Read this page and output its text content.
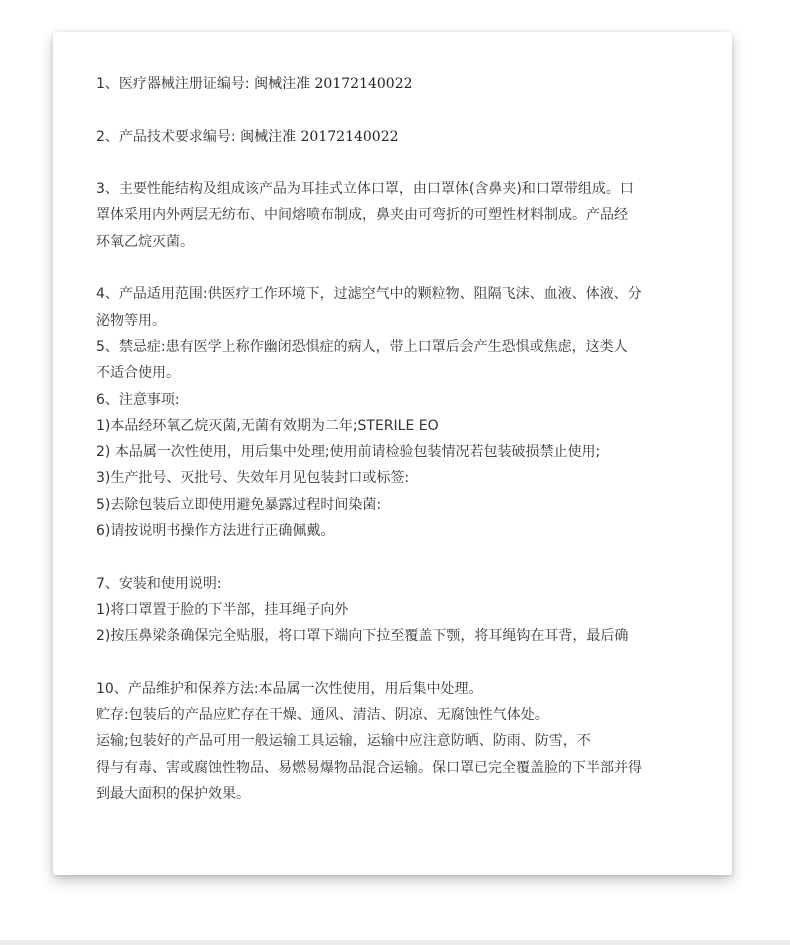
1、医疗器械注册证编号: 闽械注准 20172140022
2、产品技术要求编号: 闽械注准 20172140022
3、主要性能结构及组成该产品为耳挂式立体口罩，由口罩体(含鼻夹)和口罩带组成。口
罩体采用内外两层无纺布、中间熔喷布制成，鼻夹由可弯折的可塑性材料制成。产品经
环氧乙烷灭菌。
4、产品适用范围:供医疗工作环境下，过滤空气中的颗粒物、阻隔飞沫、血液、体液、分
泌物等用。
5、禁忌症:患有医学上称作幽闭恐惧症的病人，带上口罩后会产生恐惧或焦虑，这类人
不适合使用。
6、注意事项:
1)本品经环氧乙烷灭菌,无菌有效期为二年;STERILE EO
2) 本品属一次性使用，用后集中处理;使用前请检验包装情况若包装破损禁止使用;
3)生产批号、灭批号、失效年月见包装封口或标签:
5)去除包装后立即使用避免暴露过程时间染菌:
6)请按说明书操作方法进行正确佩戴。
7、安装和使用说明:
1)将口罩置于脸的下半部，挂耳绳子向外
2)按压鼻梁条确保完全贴服，将口罩下端向下拉至覆盖下颚，将耳绳钩在耳背，最后确
10、产品维护和保养方法:本品属一次性使用，用后集中处理。
贮存:包装后的产品应贮存在干燥、通风、清洁、阴凉、无腐蚀性气体处。
运输;包装好的产品可用一般运输工具运输，运输中应注意防晒、防雨、防雪，不
得与有毒、害或腐蚀性物品、易燃易爆物品混合运输。保口罩已完全覆盖脸的下半部并得
到最大面积的保护效果。
